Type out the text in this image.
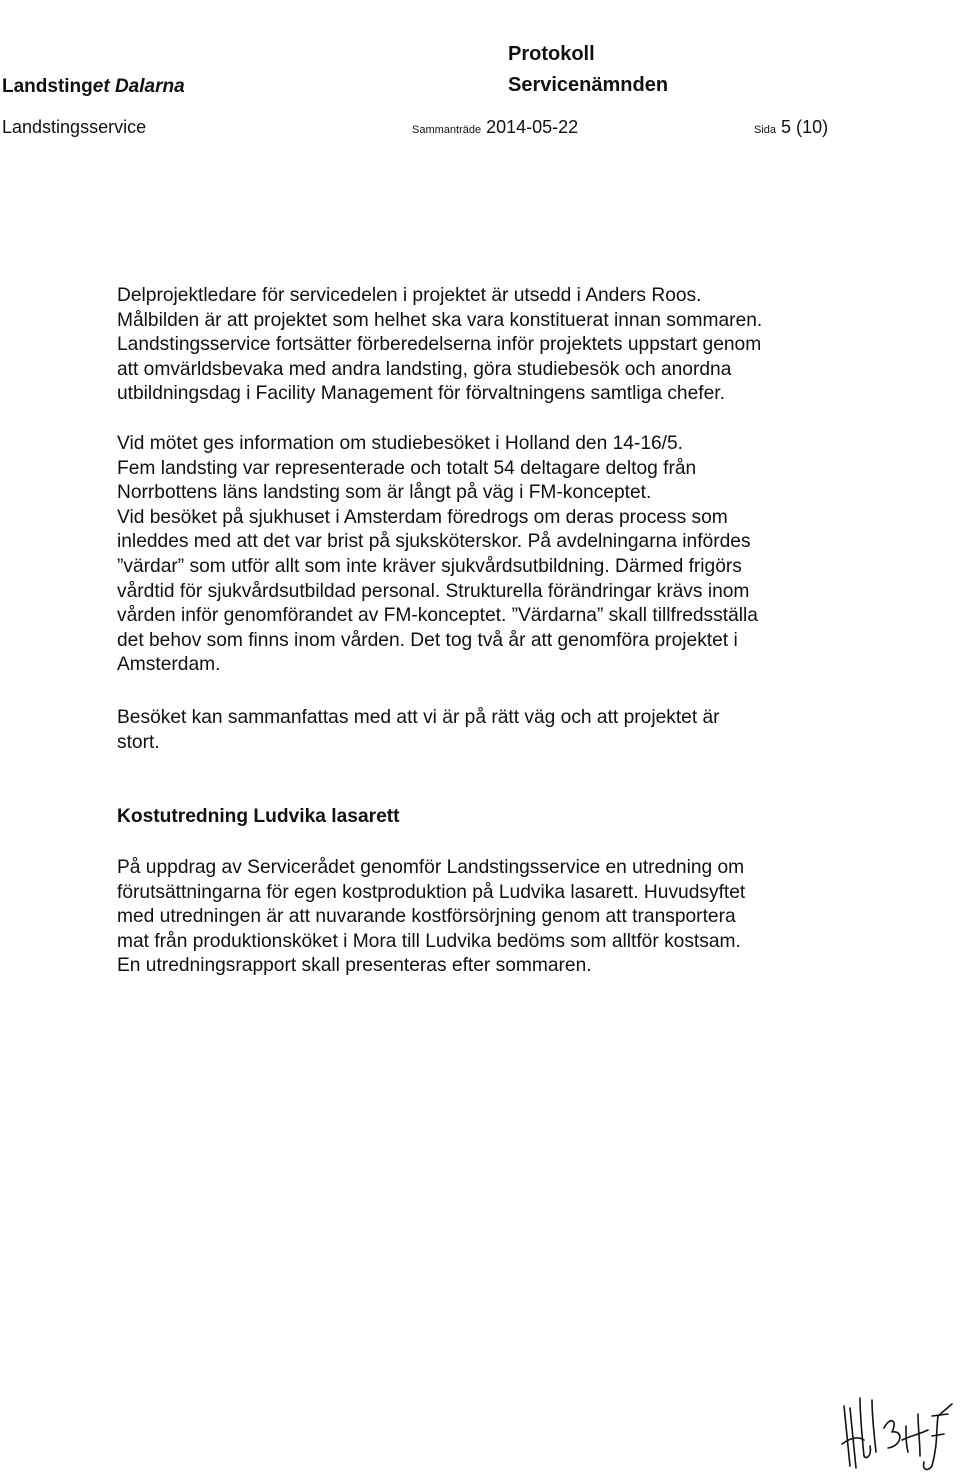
Landstinget Dalarna
Landstingsservice
Protokoll
Servicenämnden
Sammanträde 2014-05-22	Sida 5 (10)

Delprojektledare för servicedelen i projektet är utsedd i Anders Roos.

Målbilden är att projektet som helhet ska vara konstituerat innan sommaren.

Landstingsservice fortsätter förberedelserna inför projektets uppstart genom

att omvärldsbevaka med andra landsting, göra studiebesök och anordna

utbildningsdag i Facility Management för förvaltningens samtliga chefer.

Vid mötet ges information om studiebesöket i Holland den 14-16/5.

Fem landsting var representerade och totalt 54 deltagare deltog från

Norrbottens läns landsting som är långt på väg i FM-konceptet.

Vid besöket på sjukhuset i Amsterdam föredrogs om deras process som

inleddes med att det var brist på sjuksköterskor. På avdelningarna infördes

”värdar” som utför allt som inte kräver sjukvårdsutbildning. Därmed frigörs

vårdtid för sjukvårdsutbildad personal. Strukturella förändringar krävs inom

vården inför genomförandet av FM-konceptet. ”Värdarna” skall tillfredsställa

det behov som finns inom vården. Det tog två år att genomföra projektet i

Amsterdam.

Besöket kan sammanfattas med att vi är på rätt väg och att projektet är

stort.

Kostutredning Ludvika lasarett

På uppdrag av Servicerådet genomför Landstingsservice en utredning om

förutsättningarna för egen kostproduktion på Ludvika lasarett. Huvudsyftet

med utredningen är att nuvarande kostförsörjning genom att transportera

mat från produktionsköket i Mora till Ludvika bedöms som alltför kostsam.

En utredningsrapport skall presenteras efter sommaren.
